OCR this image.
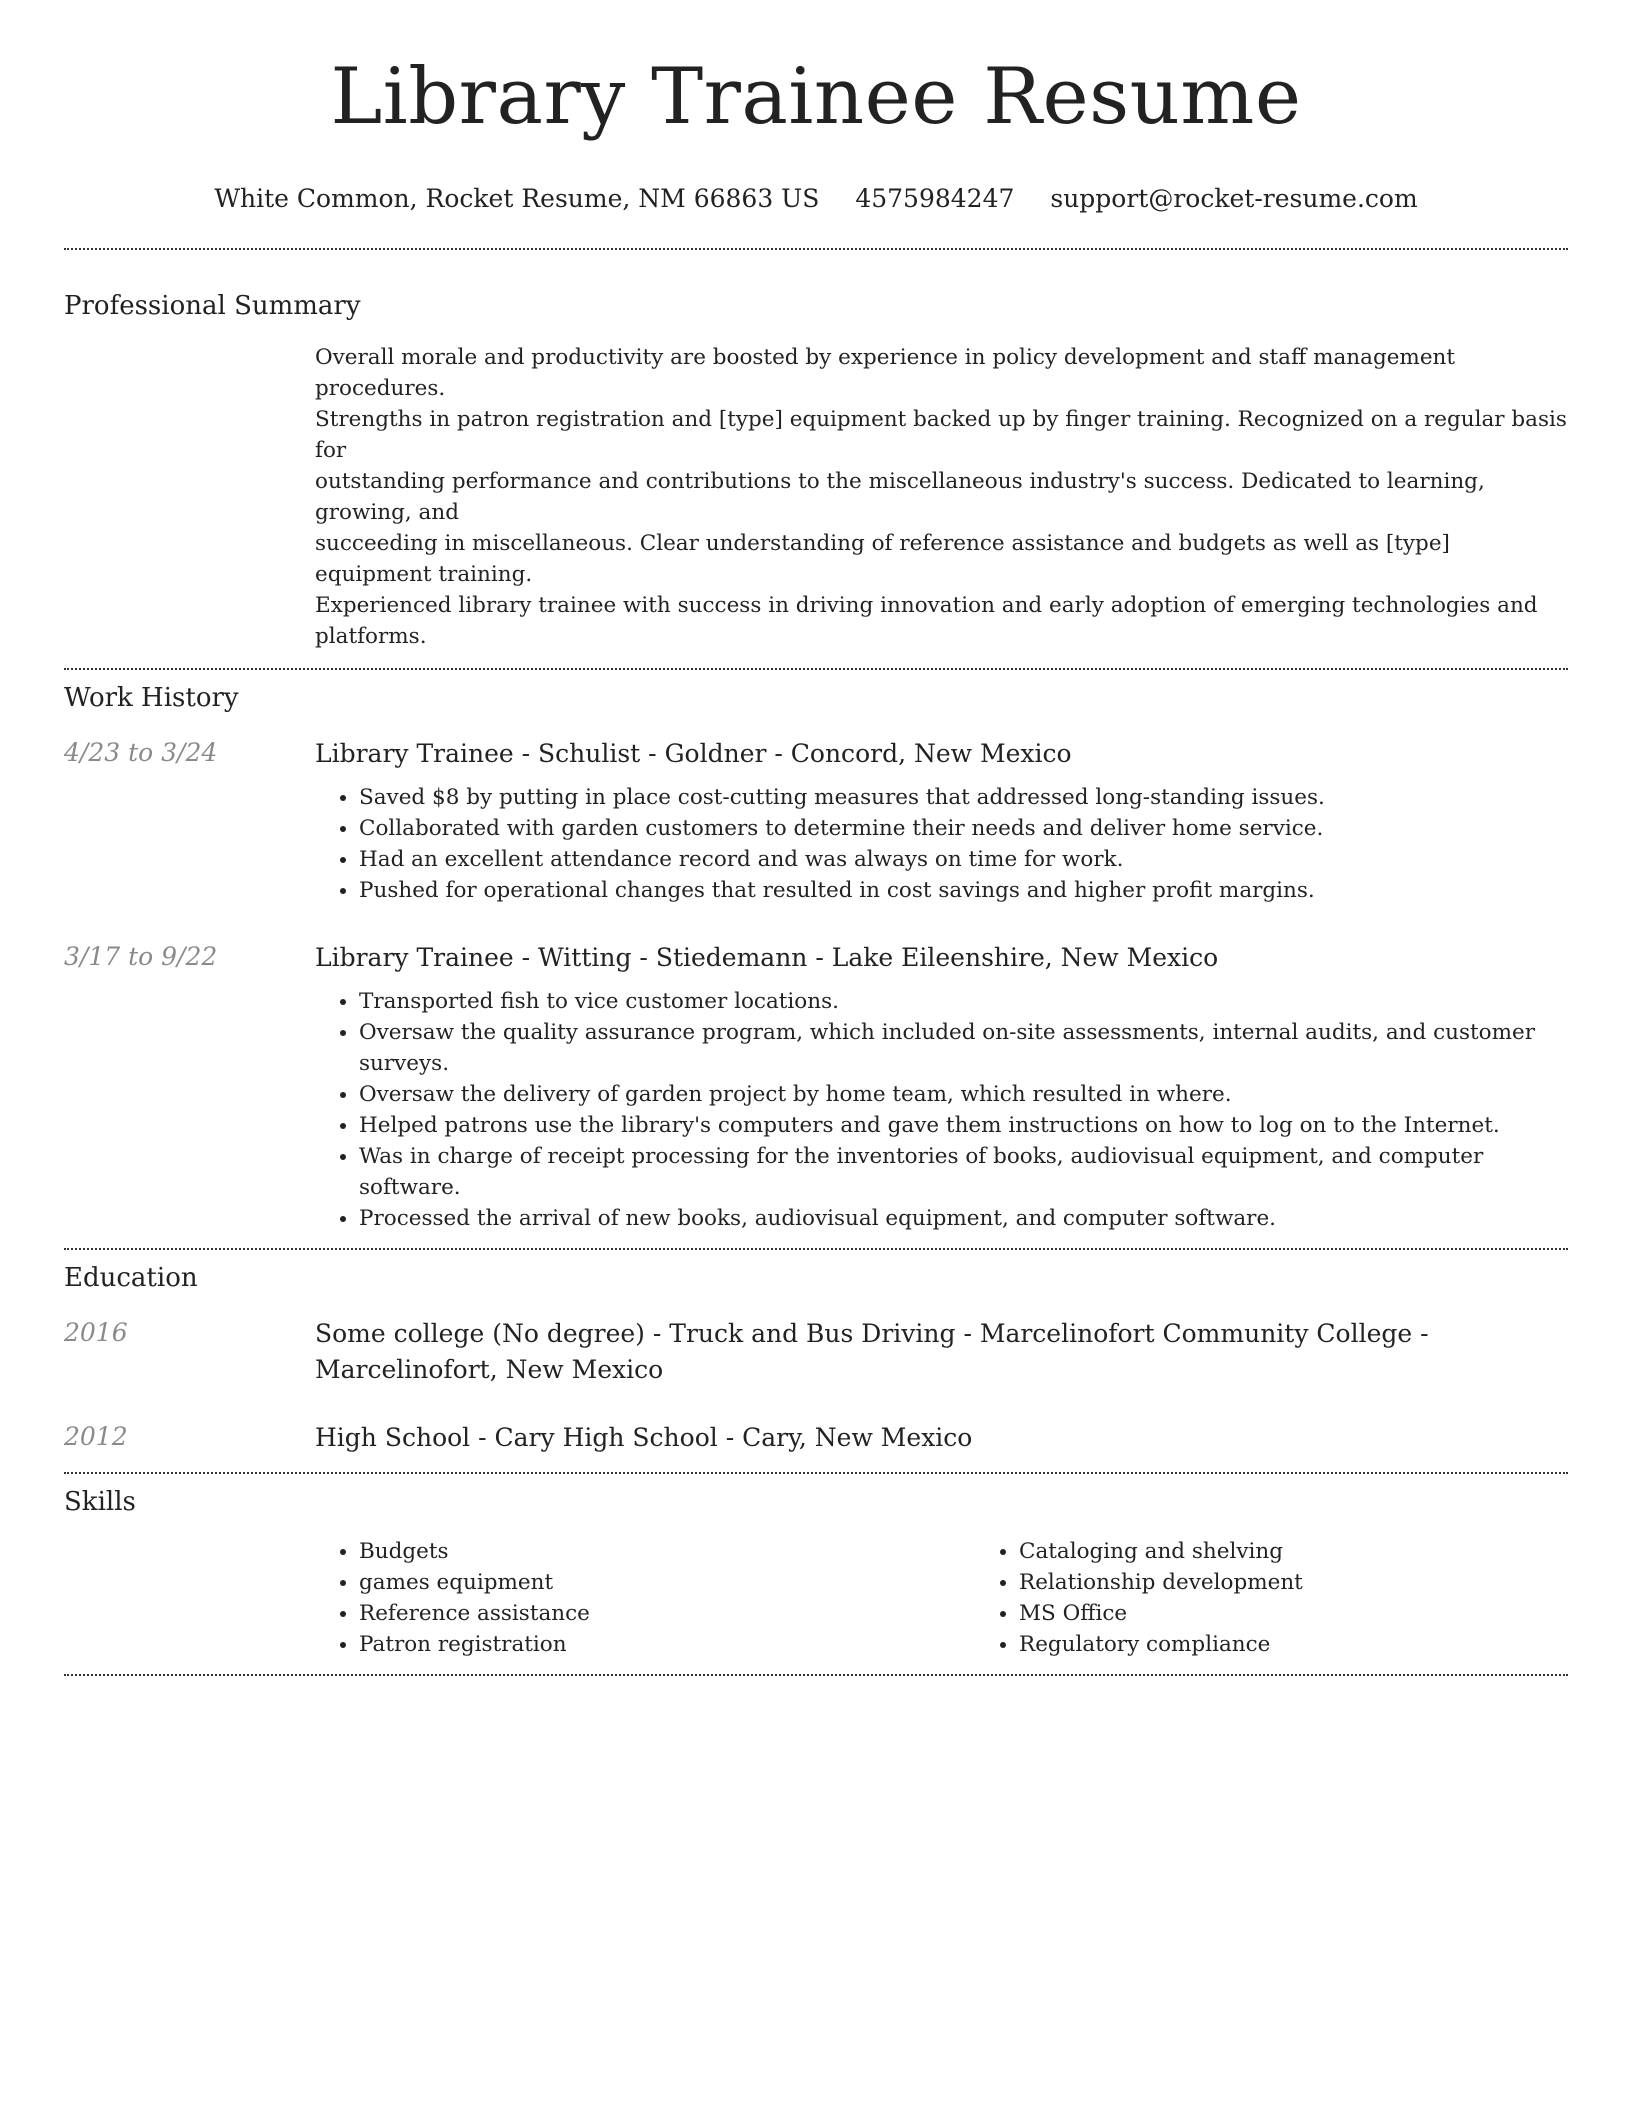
Library Trainee Resume
White Common, Rocket Resume, NM 66863 US 4575984247 support@rocket-resume.com
Professional Summary

Overall morale and productivity are boosted by experience in policy development and staff management procedures.
Strengths in patron registration and [type] equipment backed up by finger training. Recognized on a regular basis for
outstanding performance and contributions to the miscellaneous industry's success. Dedicated to learning, growing, and
succeeding in miscellaneous. Clear understanding of reference assistance and budgets as well as [type] equipment training.
Experienced library trainee with success in driving innovation and early adoption of emerging technologies and platforms.

Work History
4/23 to 3/24	Library Trainee - Schulist - Goldner - Concord, New Mexico

• Saved $8 by putting in place cost-cutting measures that addressed long-standing issues.
• Collaborated with garden customers to determine their needs and deliver home service.
• Had an excellent attendance record and was always on time for work.
• Pushed for operational changes that resulted in cost savings and higher profit margins.
3/17 to 9/22	Library Trainee - Witting - Stiedemann - Lake Eileenshire, New Mexico

• Transported fish to vice customer locations.
• Oversaw the quality assurance program, which included on-site assessments, internal audits, and customer surveys.
• Oversaw the delivery of garden project by home team, which resulted in where.
• Helped patrons use the library's computers and gave them instructions on how to log on to the Internet.
• Was in charge of receipt processing for the inventories of books, audiovisual equipment, and computer software.
• Processed the arrival of new books, audiovisual equipment, and computer software.
Education
2016	Some college (No degree) - Truck and Bus Driving - Marcelinofort Community College - Marcelinofort, New Mexico

2012	High School - Cary High School - Cary, New Mexico

Skills
• Budgets
• games equipment
• Reference assistance
• Patron registration
• Cataloging and shelving
• Relationship development
• MS Office
• Regulatory compliance
